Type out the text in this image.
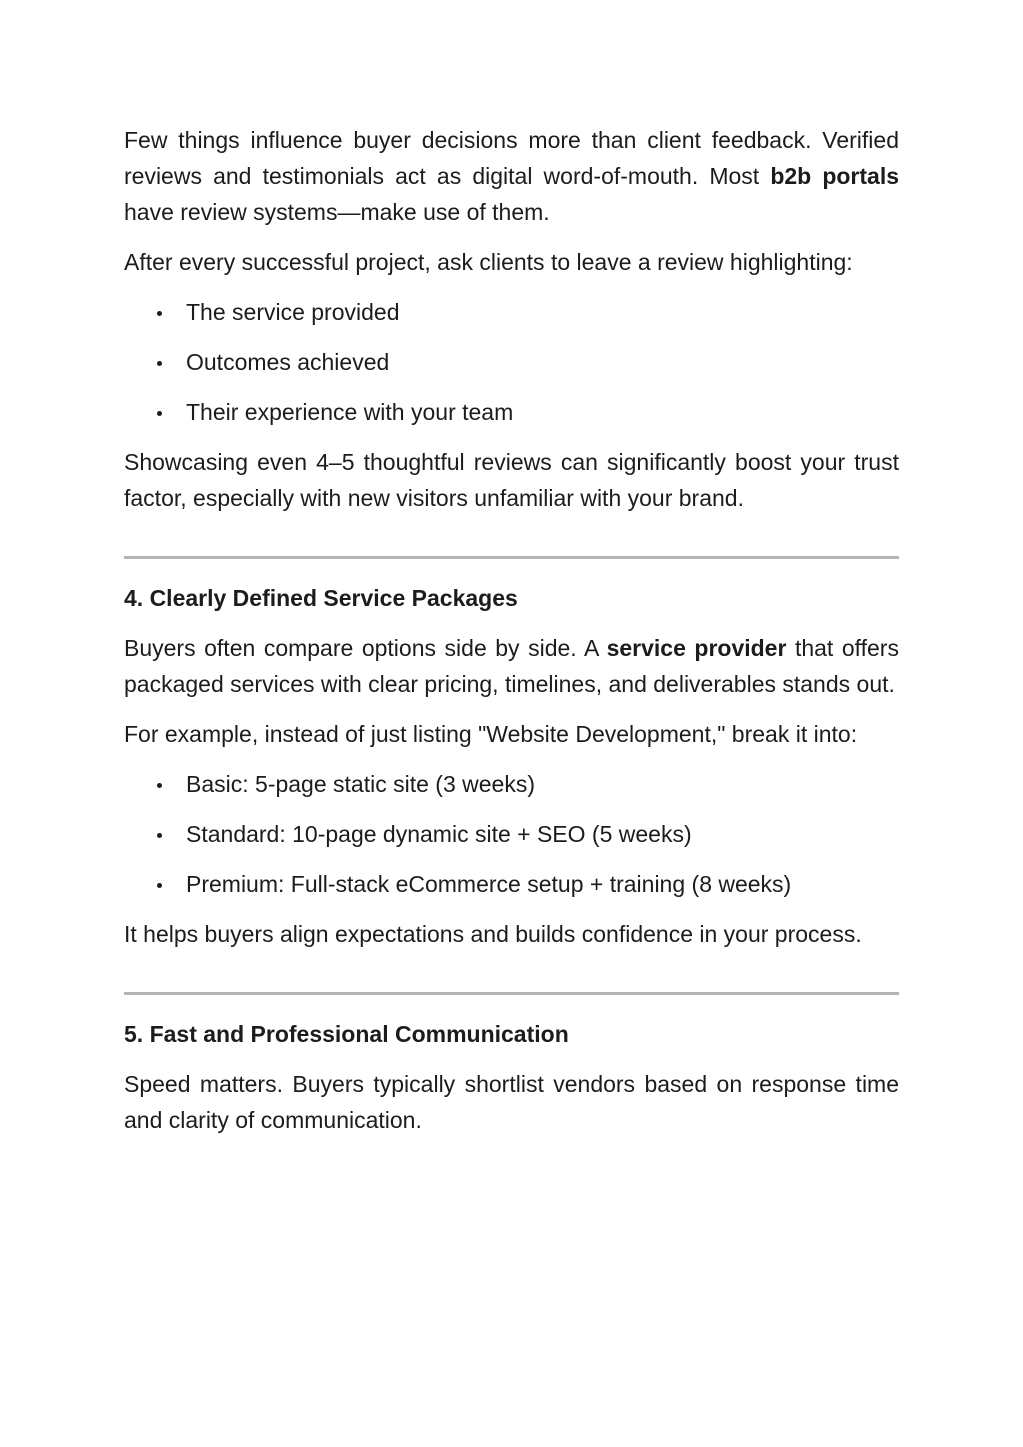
Few things influence buyer decisions more than client feedback. Verified reviews and testimonials act as digital word-of-mouth. Most b2b portals have review systems—make use of them.

After every successful project, ask clients to leave a review highlighting:

The service provided
Outcomes achieved
Their experience with your team

Showcasing even 4–5 thoughtful reviews can significantly boost your trust factor, especially with new visitors unfamiliar with your brand.

4. Clearly Defined Service Packages

Buyers often compare options side by side. A service provider that offers packaged services with clear pricing, timelines, and deliverables stands out.

For example, instead of just listing "Website Development," break it into:

Basic: 5-page static site (3 weeks)
Standard: 10-page dynamic site + SEO (5 weeks)
Premium: Full-stack eCommerce setup + training (8 weeks)

It helps buyers align expectations and builds confidence in your process.

5. Fast and Professional Communication

Speed matters. Buyers typically shortlist vendors based on response time and clarity of communication.
